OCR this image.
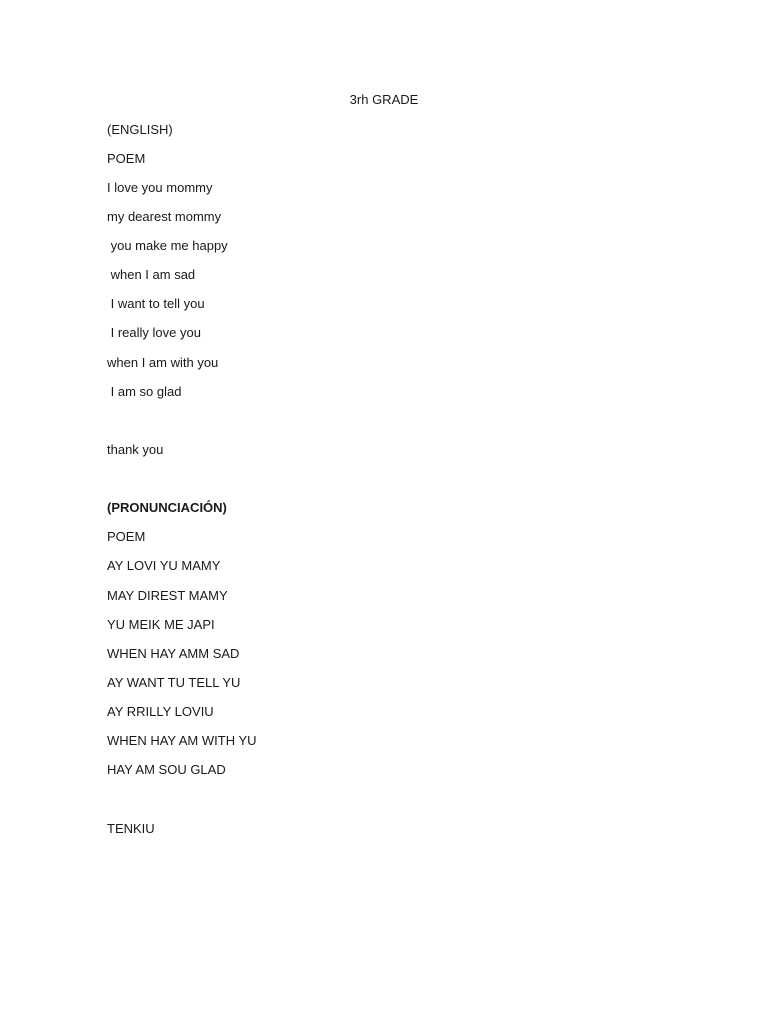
3rh GRADE
(ENGLISH)
POEM
I love you mommy
my dearest mommy
you make me happy
when I am sad
I want to tell you
I really love you
when I am with you
I am so glad
thank you
(PRONUNCIACIÓN)
POEM
AY LOVI YU MAMY
MAY DIREST MAMY
YU MEIK ME JAPI
WHEN HAY AMM SAD
AY WANT TU TELL YU
AY RRILLY LOVIU
WHEN HAY AM WITH YU
HAY AM SOU GLAD
TENKIU
